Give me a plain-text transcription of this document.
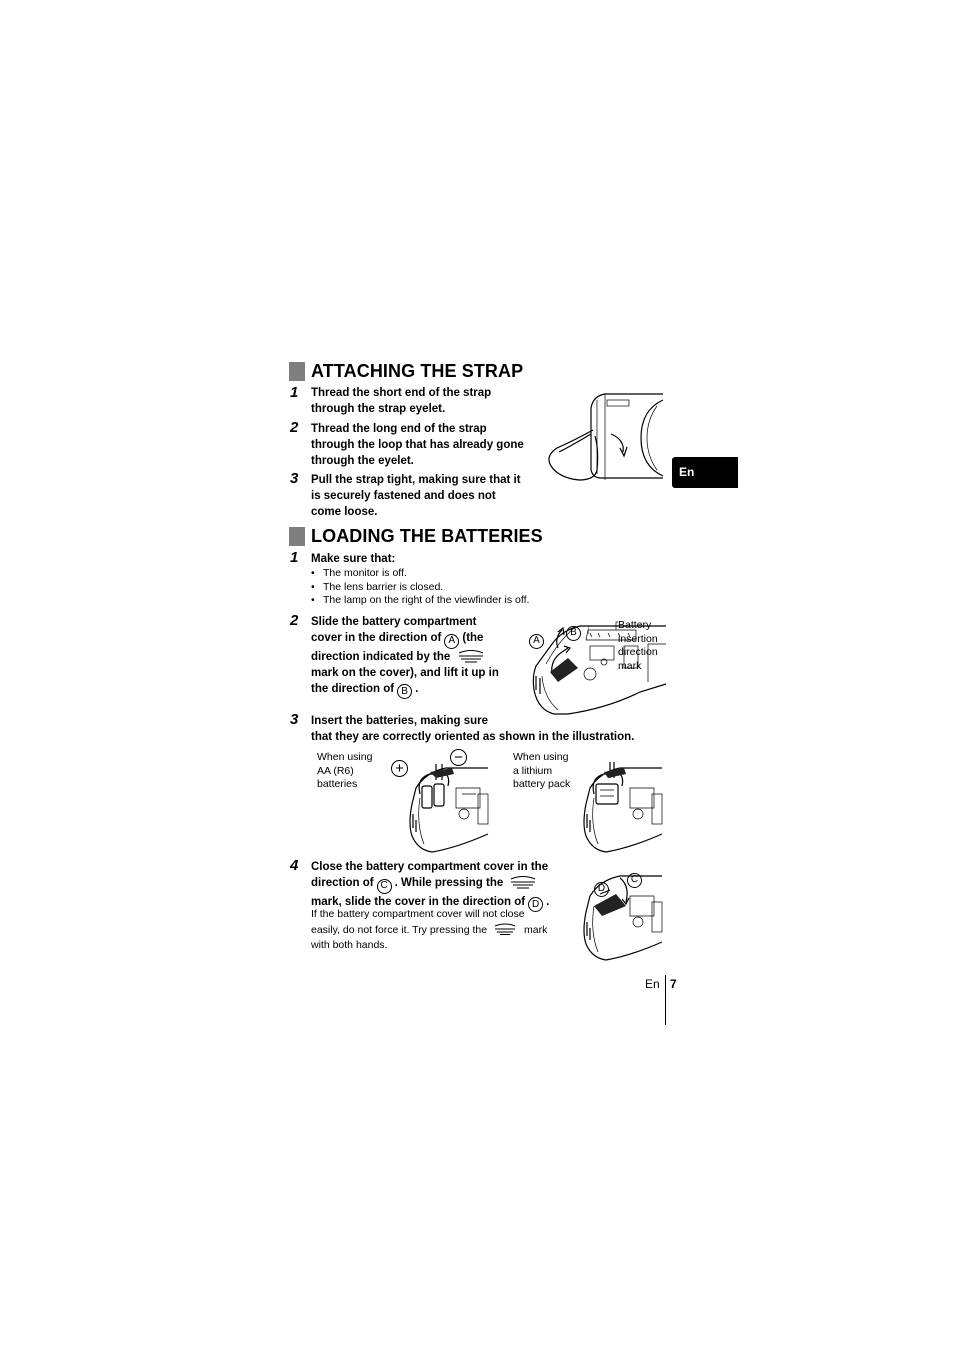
ATTACHING THE STRAP
1 Thread the short end of the strap
through the strap eyelet.
2 Thread the long end of the strap
through the loop that has already gone
through the eyelet.
3 Pull the strap tight, making sure that it
is securely fastened and does not
come loose.
En
LOADING THE BATTERIES
1 Make sure that:
• The monitor is off.
• The lens barrier is closed.
• The lamp on the right of the viewfinder is off.
2 Slide the battery compartment
cover in the direction of A (the
direction indicated by the
mark on the cover), and lift it up in
the direction of B .
A
B
Battery
insertion
direction
mark
3 Insert the batteries, making sure
that they are correctly oriented as shown in the illustration.
When using
AA (R6)
batteries
+
−	When using
a lithium
battery pack
4 Close the battery compartment cover in the
direction of C . While pressing the
mark, slide the cover in the direction of D .
If the battery compartment cover will not close
easily, do not force it. Try pressing the	mark
with both hands.
D
C
En 7
